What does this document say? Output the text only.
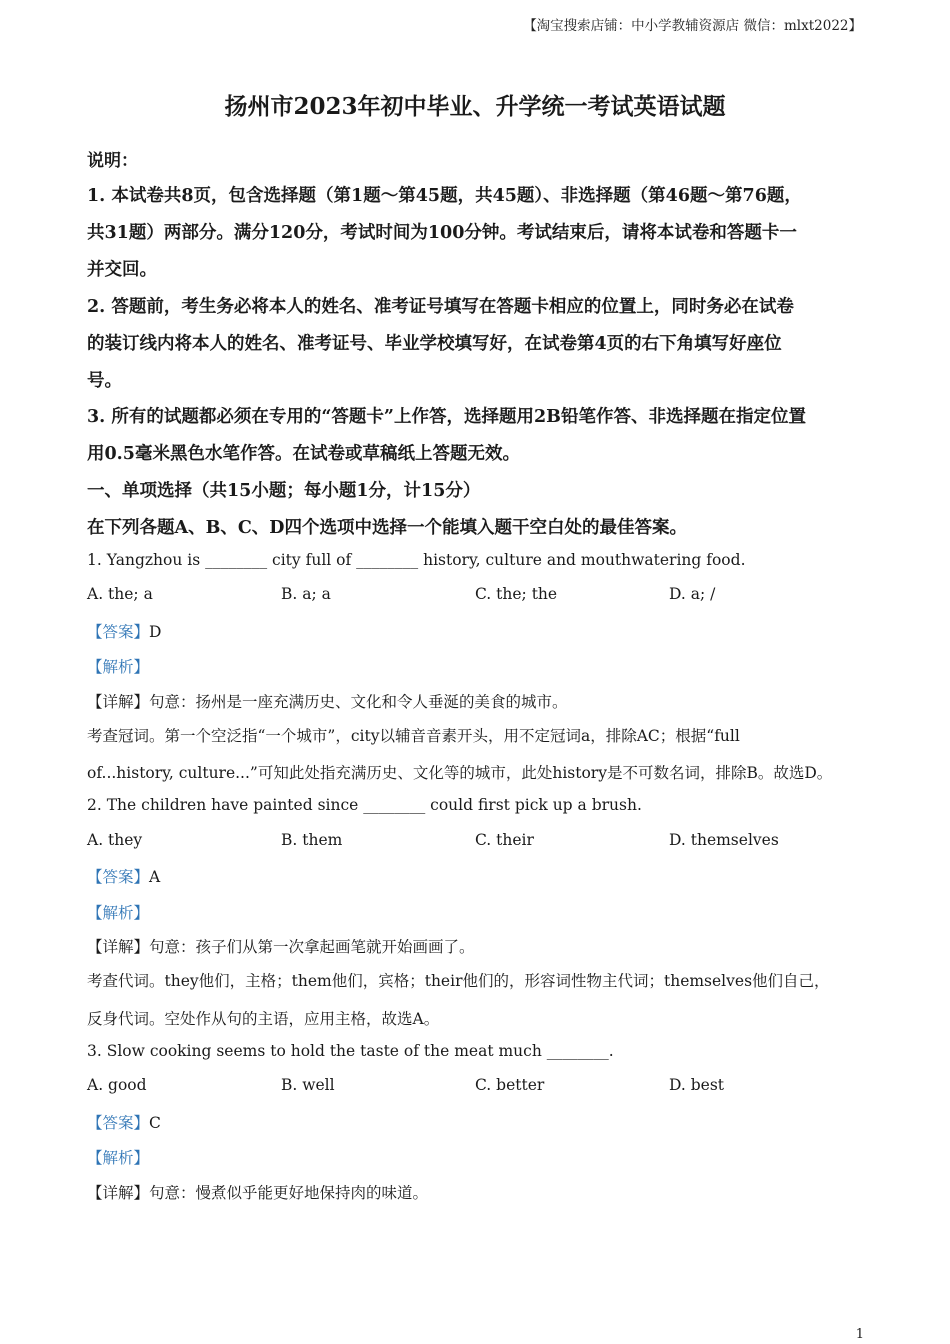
【淘宝搜索店铺：中小学教辅资源店 微信：mlxt2022】
扬州市2023年初中毕业、升学统一考试英语试题
说明：
1. 本试卷共8页，包含选择题（第1题～第45题，共45题）、非选择题（第46题～第76题，
共31题）两部分。满分120分，考试时间为100分钟。考试结束后，请将本试卷和答题卡一
并交回。
2. 答题前，考生务必将本人的姓名、准考证号填写在答题卡相应的位置上，同时务必在试卷
的装订线内将本人的姓名、准考证号、毕业学校填写好，在试卷第4页的右下角填写好座位
号。
3. 所有的试题都必须在专用的“答题卡”上作答，选择题用2B铅笔作答、非选择题在指定位置
用0.5毫米黑色水笔作答。在试卷或草稿纸上答题无效。
一、单项选择（共15小题；每小题1分，计15分）
在下列各题A、B、C、D四个选项中选择一个能填入题干空白处的最佳答案。
1. Yangzhou is ________ city full of ________ history, culture and mouthwatering food.
A. the; a	B. a; a	C. the; the	D. a; /
【答案】D
【解析】
【详解】句意：扬州是一座充满历史、文化和令人垂涎的美食的城市。
考查冠词。第一个空泛指“一个城市”，city以辅音音素开头，用不定冠词a，排除AC；根据“full
of...history, culture...”可知此处指充满历史、文化等的城市，此处history是不可数名词，排除B。故选D。
2. The children have painted since ________ could first pick up a brush.
A. they	B. them	C. their	D. themselves
【答案】A
【解析】
【详解】句意：孩子们从第一次拿起画笔就开始画画了。
考查代词。they他们，主格；them他们，宾格；their他们的，形容词性物主代词；themselves他们自己，
反身代词。空处作从句的主语，应用主格，故选A。
3. Slow cooking seems to hold the taste of the meat much ________.
A. good	B. well	C. better	D. best
【答案】C
【解析】
【详解】句意：慢煮似乎能更好地保持肉的味道。
1
